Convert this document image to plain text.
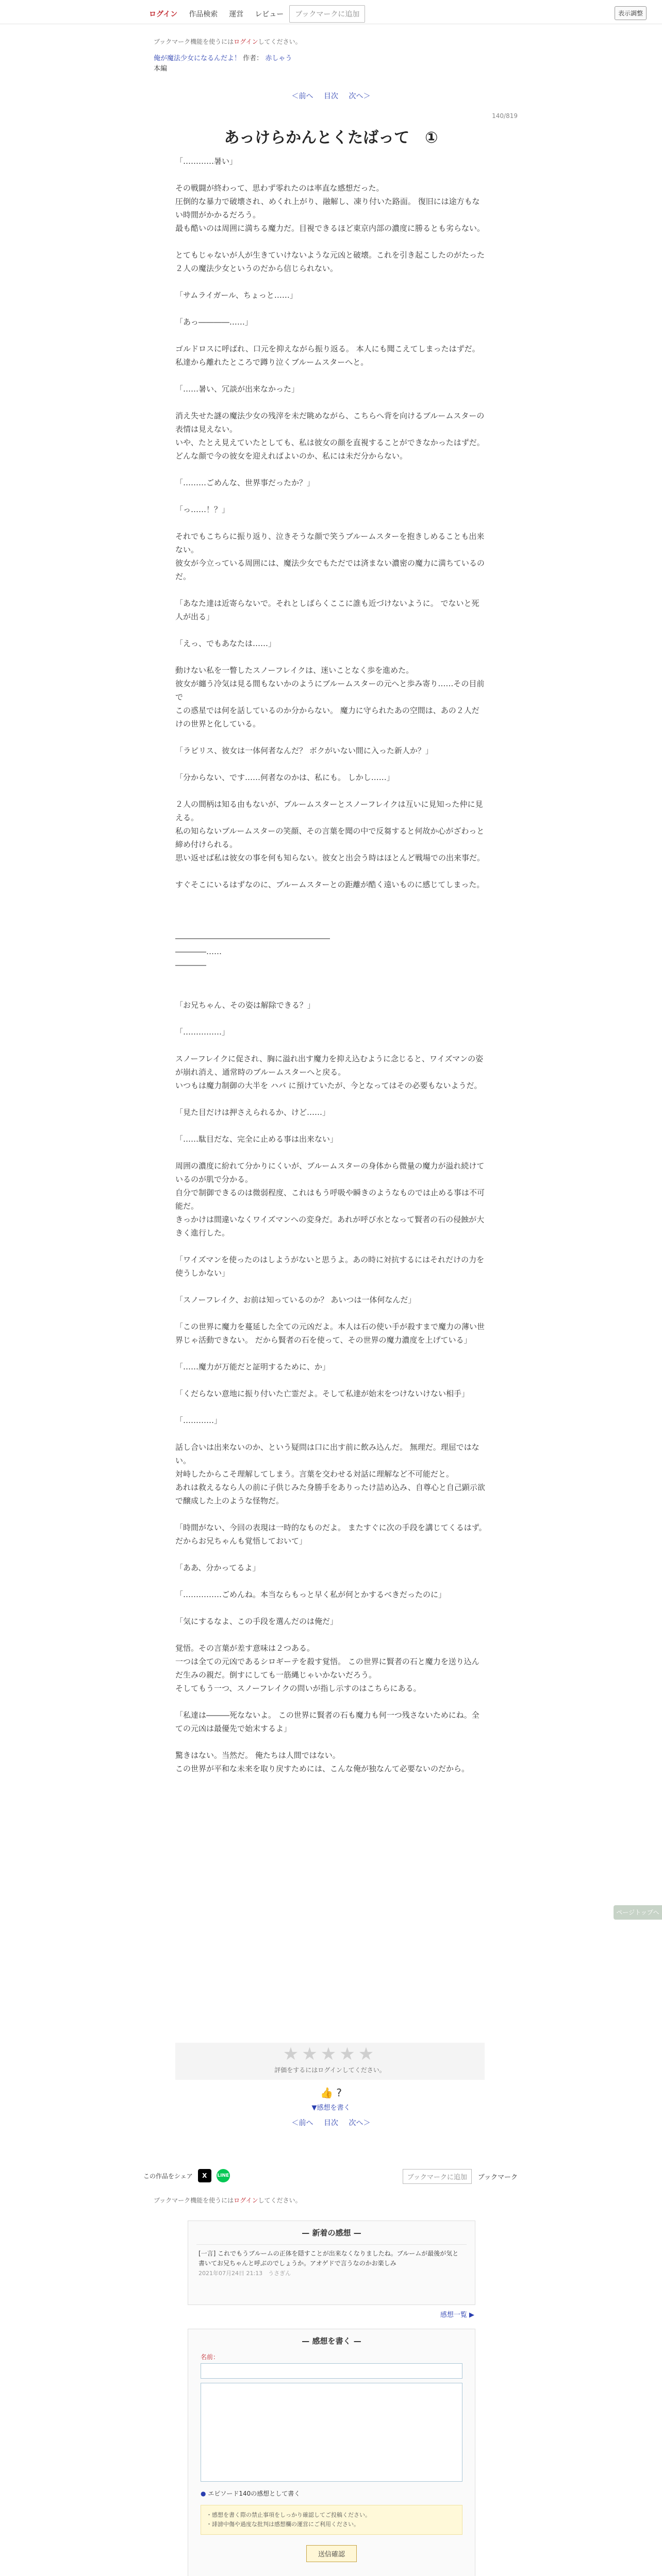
ログイン	作品検索	運営	レビュー	ブックマークに追加	表示調整
ブックマーク機能を使うにはログインしてください。
俺が魔法少女になるんだよ！ 作者： 赤しゃう
本編
＜前へ 目次 次へ＞
140/819
あっけらかんとくたばって　①

「…………暑い」

その戦闘が終わって、思わず零れたのは率直な感想だった。

圧倒的な暴力で破壊され、めくれ上がり、融解し、凍り付いた路面。 復旧には途方もない時間がかかるだろう。

最も酷いのは周囲に満ちる魔力だ。目視できるほど東京内部の濃度に勝るとも劣らない。

とてもじゃないが人が生きていけないような元凶と破壊。これを引き起こしたのがたった２人の魔法少女というのだから信じられない。

「サムライガール、ちょっと……」

「あっ――――……」

ゴルドロスに呼ばれ、口元を抑えながら振り返る。 本人にも聞こえてしまったはずだ。

私達から離れたところで蹲り泣くブルームスターへと。

「……暑い、冗談が出来なかった」

消え失せた謎の魔法少女の残滓を未だ眺めながら、こちらへ背を向けるブルームスターの表情は見えない。

いや、たとえ見えていたとしても、私は彼女の顔を直視することができなかったはずだ。

どんな顔で今の彼女を迎えればよいのか、私には未だ分からない。

「………ごめんな、世界事だったか？」

「っ……！？」

それでもこちらに振り返り、泣きそうな顔で笑うブルームスターを抱きしめることも出来ない。

彼女が今立っている周囲には、魔法少女でもただでは済まない濃密の魔力に満ちているのだ。

「あなた達は近寄らないで。それとしばらくここに誰も近づけないように。 でないと死人が出る」

「えっ、でもあなたは……」

動けない私を一瞥したスノーフレイクは、迷いことなく歩を進めた。

彼女が纏う冷気は見る間もないかのようにブルームスターの元へと歩み寄り……その目前で

この惑星では何を話しているのか分からない。 魔力に守られたあの空間は、あの２人だけの世界と化している。

「ラピリス、彼女は一体何者なんだ？ ボクがいない間に入った新人か？」

「分からない、です……何者なのかは、私にも。 しかし……」

２人の間柄は知る由もないが、ブルームスターとスノーフレイクは互いに見知った仲に見える。

私の知らないブルームスターの笑顔、その言葉を聞の中で反芻すると何故か心がざわっと締め付けられる。

思い返せば私は彼女の事を何も知らない。彼女と出会う時はほとんど戦場での出来事だ。

すぐそこにいるはずなのに、ブルームスターとの距離が酷く遠いものに感じてしまった。

――――――――――――――――――――

――――……

――――

「お兄ちゃん、その姿は解除できる？」

「……………」

スノーフレイクに促され、胸に溢れ出す魔力を抑え込むように念じると、ワイズマンの姿が崩れ消え、通常時のブルームスターへと戻る。

いつもは魔力制御の大半を ハバ に預けていたが、今となってはその必要もないようだ。

「見た目だけは押さえられるか、けど……」

「……駄目だな、完全に止める事は出来ない」

周囲の濃度に紛れて分かりにくいが、ブルームスターの身体から微量の魔力が溢れ続けているのが肌で分かる。

自分で制御できるのは微弱程度、これはもう呼吸や瞬きのようなものでは止める事は不可能だ。

きっかけは間違いなくワイズマンへの変身だ。あれが呼び水となって賢者の石の侵蝕が大きく進行した。

「ワイズマンを使ったのはしようがないと思うよ。あの時に対抗するにはそれだけの力を使うしかない」

「スノーフレイク、お前は知っているのか？ あいつは一体何なんだ」

「この世界に魔力を蔓延した全ての元凶だよ。本人は石の使い手が殺すまで魔力の薄い世界じゃ活動できない。 だから賢者の石を使って、その世界の魔力濃度を上げている」

「……魔力が万能だと証明するために、か」

「くだらない意地に振り付いた亡霊だよ。そして私達が始末をつけないけない相手」

「…………」

話し合いは出来ないのか、という疑問は口に出す前に飲み込んだ。 無理だ。理屈ではない。

対峙したからこそ理解してしまう。言葉を交わせる対話に理解など不可能だと。

あれは救えるなら人の前に子供じみた身勝手をありったけ詰め込み、自尊心と自己顕示欲で醸成した上のような怪物だ。

「時間がない、今回の表現は一時的なものだよ。 またすぐに次の手段を講じてくるはず。だからお兄ちゃんも覚悟しておいて」

「ああ、分かってるよ」

「……………ごめんね。本当ならもっと早く私が何とかするべきだったのに」

「気にするなよ、この手段を選んだのは俺だ」

覚悟。その言葉が差す意味は２つある。

一つは全ての元凶であるシロギーテを殺す覚悟。 この世界に賢者の石と魔力を送り込んだ生みの親だ。倒すにしても一筋縄じゃいかないだろう。

そしてもう一つ、スノーフレイクの問いが指し示すのはこちらにある。

「私達は―――死なないよ。 この世界に賢者の石も魔力も何一つ残さないためにね。全ての元凶は最優先で始末するよ」

驚きはない。当然だ。 俺たちは人間ではない。

この世界が平和な未来を取り戻すためには、こんな俺が独なんて必要ないのだから。

★★★★★
評価をするにはログインしてください。
👍 ?
▼感想を書く
＜前へ 目次 次へ＞
この作品をシェア	X	LINE	ブックマークに追加	ブックマーク
ブックマーク機能を使うにはログインしてください。
— 新着の感想 —
[一言] これでもうブルームの正体を隠すことが出来なくなりましたね。ブルームが最後が気と書いてお兄ちゃんと呼ぶのでしょうか。アオゲドで言うなのかお楽しみ
2021年07月24日 21:13　うさぎん
感想一覧 ▶
— 感想を書く —
名前：
● エピソード140の感想として書く
・感想を書く際の禁止事項をしっかり確認してご投稿ください。
・誹謗中傷や過度な批判は感想欄の運営にご利用ください。
送信確認
ページトップへ
